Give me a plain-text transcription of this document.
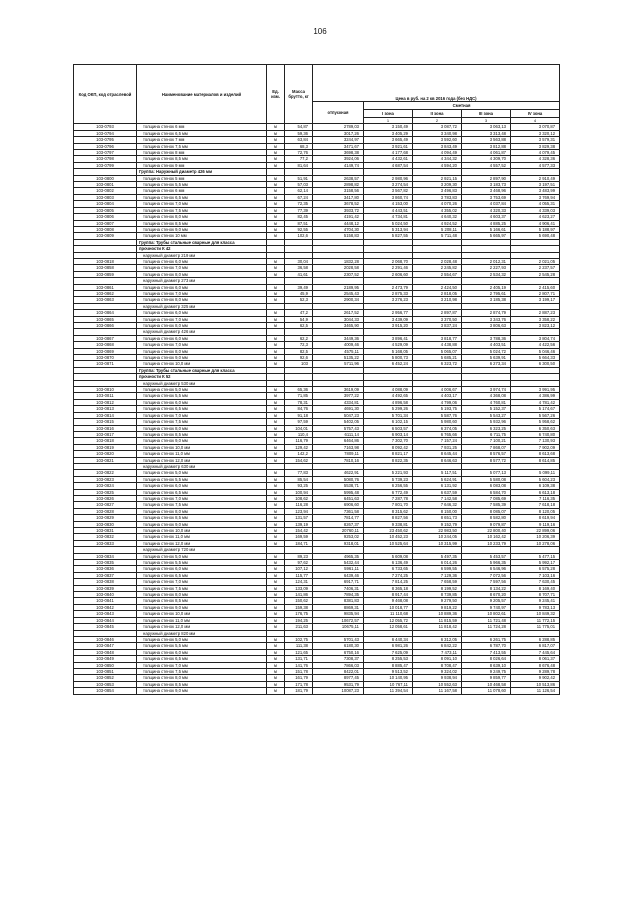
106
Код ОКП, код отраслевой	Наименование материалов и изделий	Ед. изм.	Масса брутто, кг	Цена в руб. на 2 кв 2016 года (без НДС)					
				отпускная	Сметная				
					I зона	II зона	III зона	IV зона	
					1	2	3	4					
103-0793	толщина стенок 6 мм	м	54,87	2789,03	3 150,49	3 087,72	3 063,13	3 070,87	
103-0794	толщина стенок 6,5 мм	м	59,36	3017,26	3 405,29	3 340,98	3 313,48	3 320,12	
103-0795	толщина стенок 7 мм	м	63,84	3244,97	3 665,49	3 592,60	3 563,88	3 579,31	
103-0796	толщина стенок 7,5 мм	м	68,3	3471,67	3 921,61	3 843,49	3 812,88	3 829,38	
103-0797	толщина стенок 8 мм	м	72,76	3698,38	4 177,68	4 094,49	4 061,87	4 079,45	
103-0798	толщина стенок 8,5 мм	м	77,2	3924,06	4 432,61	4 344,32	4 309,70	4 328,36	
103-0799	толщина стенок 9 мм	м	81,64	4149,74	4 687,54	4 594,20	4 557,52	4 577,33	
	Группа: Наружный диаметр 426 мм								
103-0800	толщина стенок 5 мм	м	51,91	2638,57	2 980,96	2 921,15	2 897,90	2 910,49	
103-0801	толщина стенок 5,5 мм	м	57,03	2898,82	3 274,54	3 209,30	3 183,73	3 197,51	
103-0802	толщина стенок 6 мм	м	62,14	3158,56	3 567,82	3 496,83	3 468,96	3 483,99	
103-0803	толщина стенок 6,5 мм	м	67,24	3417,80	3 860,74	3 783,83	3 753,69	3 769,94	
103-0804	толщина стенок 7,0 мм	м	72,35	3678,52	4 153,00	4 070,26	4 037,84	4 055,31	
103-0805	толщина стенок 7,5 мм	м	77,39	3933,72	4 443,51	4 355,02	4 320,33	4 339,03	
103-0806	толщина стенок 8,0 мм	м	82,45	4191,42	4 734,81	4 640,32	4 603,37	4 623,27	
103-0807	толщина стенок 8,5 мм	м	87,51	4448,12	5 024,50	4 924,52	4 885,25	4 906,41	
103-0808	толщина стенок 9,0 мм	м	92,55	4704,30	5 313,94	5 208,11	5 166,61	5 188,97	
103-0809	толщина стенок 10 мм	м	102,6	5158,83	5 827,55	5 711,48	5 665,97	5 690,48	
	Группа: Трубы стальные сварные для класса								
	прочности К 42								
	наружный диаметр 219 мм								
103-0818	толщина стенок 6,0 мм	м	30,04	1832,28	2 068,70	2 028,48	2 012,31	2 021,05	
103-0858	толщина стенок 7,0 мм	м	36,58	2028,58	2 291,46	2 245,82	2 227,93	2 237,57	
103-0859	толщина стенок 8,0 мм	м	41,61	2307,52	2 606,60	2 554,67	2 534,32	2 545,28	
	наружный диаметр 273 мм								
103-0861	толщина стенок 6,0 мм	м	39,49	2189,95	2 473,79	2 424,50	2 405,19	2 415,60	
103-0862	толщина стенок 7,0 мм	м	45,9	2545,43	2 875,33	2 818,05	2 795,61	2 807,71	
103-0863	толщина стенок 8,0 мм	м	52,3	2900,34	3 276,23	3 210,98	3 185,38	3 199,17	
	наружный диаметр 325 мм								
103-0864	толщина стенок 6,0 мм	м	47,2	2617,52	2 956,77	2 897,87	2 874,79	2 887,23	
103-0865	толщина стенок 7,0 мм	м	54,9	3044,33	3 439,09	3 370,50	3 343,76	3 358,22	
103-0866	толщина стенок 8,0 мм	м	62,5	3465,90	3 915,20	3 837,24	3 806,63	3 823,12	
	наружный диаметр 426 мм								
103-0867	толщина стенок 6,0 мм	м	62,2	3449,36	3 896,41	3 818,77	3 788,36	3 804,74	
103-0868	толщина стенок 7,0 мм	м	72,3	4009,46	4 529,09	4 438,88	4 403,51	4 422,56	
103-0869	толщина стенок 8,0 мм	м	82,5	4575,11	5 168,05	5 065,07	5 024,72	5 046,46	
103-0870	толщина стенок 9,0 мм	м	92,6	5135,22	5 800,73	5 685,21	5 639,91	5 664,33	
103-0871	толщина стенок 10,0 мм	м	103	5711,96	6 452,24	6 323,72	6 273,34	6 300,50	
	Группа: Трубы стальные сварные для класса								
	прочности К 52								
	наружный диаметр 530 мм								
103-0810	толщина стенок 5,0 мм	м	65,36	3619,09	4 088,09	4 006,67	3 974,74	3 991,95	
103-0811	толщина стенок 5,5 мм	м	71,85	3977,22	4 492,65	4 403,17	4 368,08	4 386,99	
103-0812	толщина стенок 6,0 мм	м	78,31	4334,81	4 896,58	4 799,06	4 760,81	4 781,42	
103-0813	толщина стенок 6,5 мм	м	84,76	4691,30	5 299,26	5 193,75	5 152,37	5 174,67	
103-0814	толщина стенок 7,0 мм	м	91,18	5047,23	5 701,34	5 587,76	5 543,27	5 567,26	
103-0815	толщина стенок 7,5 мм	м	97,59	5402,05	6 102,15	5 980,60	5 932,96	5 958,62	
103-0816	толщина стенок 8,0 мм	м	104,01	5757,43	6 503,57	6 374,05	6 323,25	6 350,63	
103-0817	толщина стенок 8,5 мм	м	110,4	6111,14	6 903,14	6 765,66	6 711,75	6 740,80	
103-0818	толщина стенок 9,0 мм	м	116,79	6464,86	7 302,70	7 157,24	7 100,21	7 130,93	
103-0819	толщина стенок 10,0 мм	м	129,42	7163,98	8 092,42	7 931,25	7 868,07	7 902,09	
103-0820	толщина стенок 11,0 мм	м	142,2	7809,11	8 821,17	8 645,44	8 576,57	8 613,68	
103-0821	толщина стенок 12,0 мм	м	154,62	7810,16	8 822,35	8 646,63	8 577,72	8 614,85	
	наружный диаметр 630 мм								
103-0822	толщина стенок 5,0 мм	м	77,83	4622,91	5 221,93	5 117,51	5 077,13	5 099,11	
103-0823	толщина стенок 5,5 мм	м	85,54	5080,76	5 739,23	5 624,91	5 580,08	5 604,23	
103-0824	толщина стенок 6,0 мм	м	93,25	5538,71	6 256,55	6 131,92	6 083,08	6 109,38	
103-0825	толщина стенок 6,5 мм	м	100,94	5995,48	6 772,49	6 637,59	6 584,70	6 613,18	
103-0826	толщина стенок 7,0 мм	м	108,62	6451,63	7 287,78	7 142,58	7 085,69	7 116,35	
103-0827	толщина стенок 7,5 мм	м	116,28	6906,60	7 801,70	7 646,32	7 585,39	7 618,18	
103-0828	толщина стенок 8,0 мм	м	123,94	7361,58	8 315,62	8 150,00	8 085,07	8 120,05	
103-0829	толщина стенок 8,5 мм	м	131,57	7814,77	8 827,56	8 651,73	8 582,80	8 619,94	
103-0830	толщина стенок 9,0 мм	м	139,19	8267,37	9 338,81	9 152,79	9 079,87	9 119,16	
103-0831	толщина стенок 10,0 мм	м	154,42	20760,11	23 450,62	22 983,50	22 800,40	22 899,06	
103-0832	толщина стенок 11,0 мм	м	169,59	9253,02	10 452,23	10 244,05	10 162,42	10 206,39	
103-0833	толщина стенок 12,0 мм	м	184,71	9318,01	10 525,64	10 315,99	10 233,79	10 278,06	
	наружный диаметр 720 мм								
103-0834	толщина стенок 5,0 мм	м	89,23	4965,35	5 609,08	5 497,35	5 453,57	5 477,15	
103-0835	толщина стенок 5,5 мм	м	97,62	5432,44	6 136,49	6 014,26	5 966,35	5 992,17	
103-0836	толщина стенок 6,0 мм	м	107,12	5961,11	6 733,65	6 599,55	6 546,96	6 575,28	
103-0837	толщина стенок 6,5 мм	м	115,77	6439,46	7 274,25	7 129,36	7 072,56	7 103,16	
103-0838	толщина стенок 7,0 мм	м	124,31	6917,71	7 814,25	7 658,59	7 597,56	7 630,45	
103-0839	толщина стенок 7,5 мм	м	133,09	7406,31	8 365,18	8 199,52	8 134,22	8 169,40	
103-0840	толщина стенок 8,0 мм	м	141,86	7894,35	8 917,44	8 739,85	8 670,20	8 707,71	
103-0841	толщина стенок 8,5 мм	м	150,62	8381,83	9 468,08	9 279,50	9 205,57	9 245,41	
103-0842	толщина стенок 9,0 мм	м	159,38	8869,31	10 018,77	9 819,22	9 740,97	9 783,13	
103-0843	толщина стенок 10,0 мм	м	176,75	9835,94	11 110,68	10 889,36	10 802,61	10 849,32	
103-0844	толщина стенок 11,0 мм	м	194,25	10672,57	12 055,72	11 815,59	11 721,48	11 772,15	
103-0845	толщина стенок 12,0 мм	м	211,63	10675,11	12 058,61	11 818,42	11 724,28	11 775,01	
	наружный диаметр 820 мм								
103-0846	толщина стенок 5,0 мм	м	102,75	5701,43	6 440,34	6 312,05	6 261,75	6 288,85	
103-0847	толщина стенок 5,5 мм	м	111,38	6180,30	6 981,26	6 842,22	6 787,70	6 817,07	
103-0848	толщина стенок 6,0 мм	м	121,65	6750,16	7 625,09	7 473,11	7 413,55	7 445,64	
103-0849	толщина стенок 6,5 мм	м	131,71	7308,37	8 255,53	8 091,10	8 026,64	8 061,37	
103-0850	толщина стенок 7,0 мм	м	141,76	7866,03	8 885,47	8 708,47	8 639,10	8 676,48	
103-0851	толщина стенок 7,5 мм	м	151,78	8422,01	9 513,52	9 324,02	9 249,75	9 289,78	
103-0852	толщина стенок 8,0 мм	м	161,79	8977,45	10 140,95	9 938,94	9 859,77	9 902,42	
103-0853	толщина стенок 8,5 мм	м	171,78	9531,79	10 767,11	10 552,63	10 468,58	10 513,86	
103-0854	толщина стенок 9,0 мм	м	181,79	10087,23	11 394,54	11 167,58	11 078,60	11 126,54	
